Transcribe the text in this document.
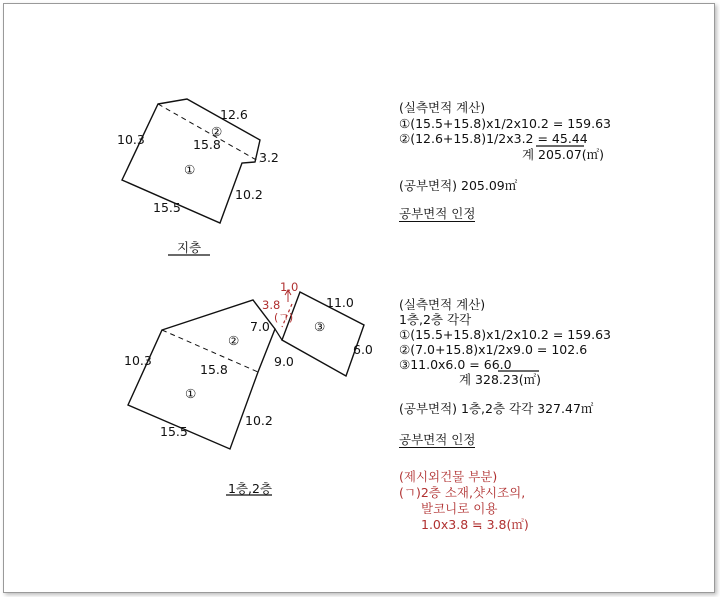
12.6
10.3
②
15.8
3.2
①
10.2
15.5
지층
1.0
11.0
3.8
(ㄱ)
7.0	③
②
6.0
9.0
10.3
15.8
①
10.2
15.5
1층,2층
(실측면적 계산)
①(15.5+15.8)x1/2x10.2 = 159.63
②(12.6+15.8)1/2x3.2 = 45.44
계 205.07(㎡)
(공부면적) 205.09㎡
공부면적 인정
(실측면적 계산)
1층,2층 각각
①(15.5+15.8)x1/2x10.2 = 159.63
②(7.0+15.8)x1/2x9.0 = 102.6
③11.0x6.0 = 66.0
계 328.23(㎡)
(공부면적) 1층,2층 각각 327.47㎡
공부면적 인정
(제시외건물 부분)
(ㄱ)2층 소재,샷시조의,
발코니로 이용
1.0x3.8 ≒ 3.8(㎡)
